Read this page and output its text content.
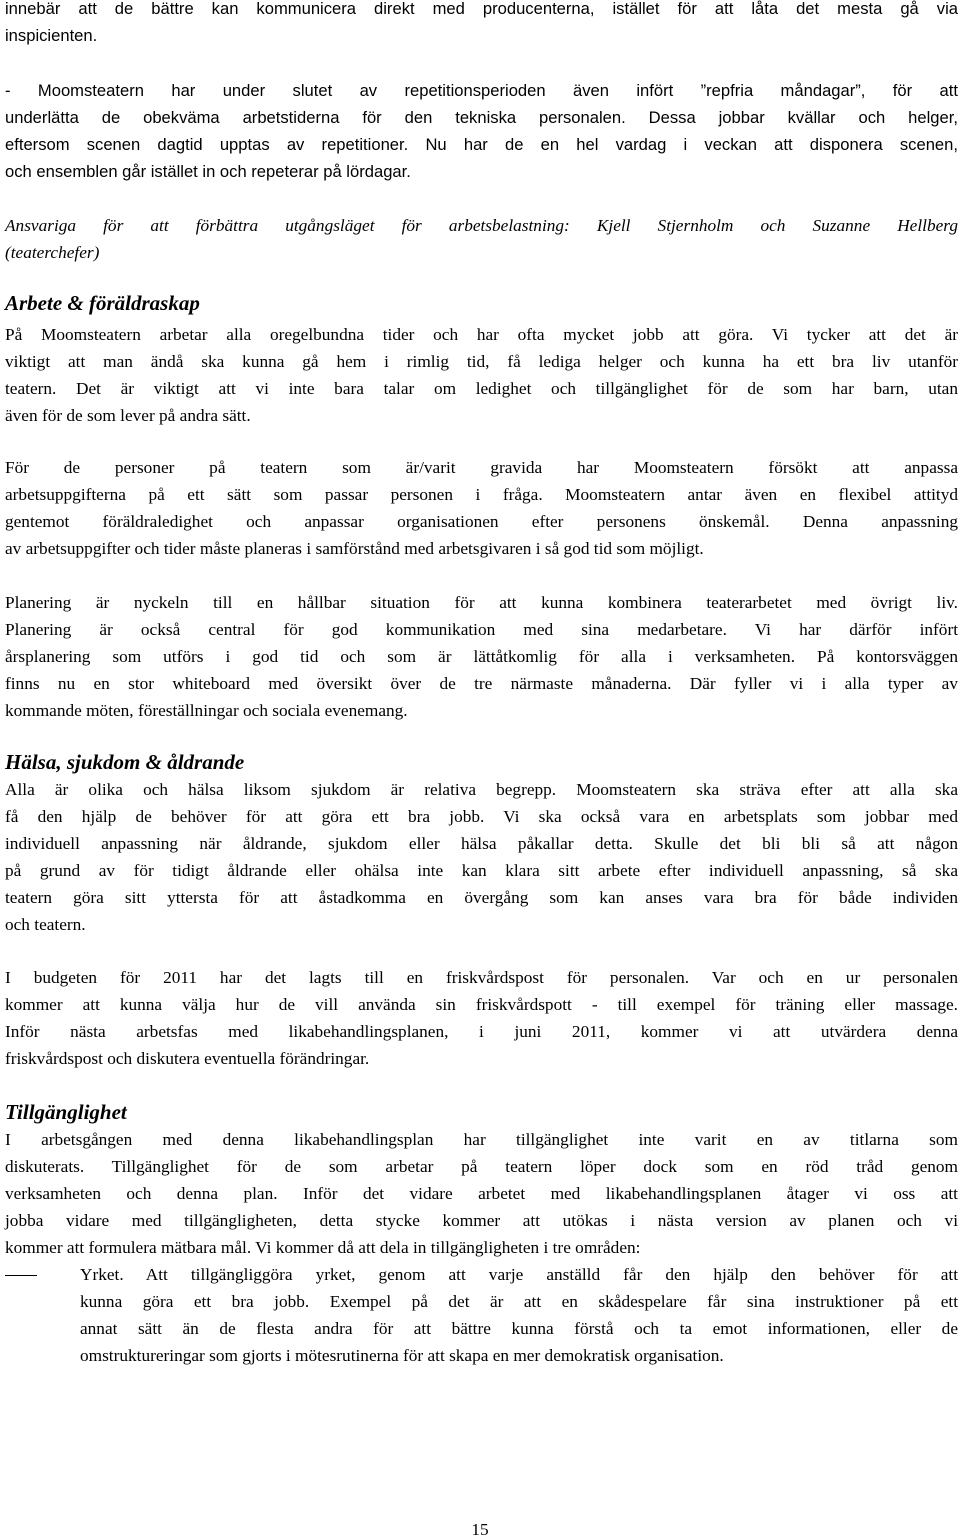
innebär att de bättre kan kommunicera direkt med producenterna, istället för att låta det mesta gå via
inspicienten.
- Moomsteatern har under slutet av repetitionsperioden även infört ”repfria måndagar”, för att
underlätta de obekväma arbetstiderna för den tekniska personalen. Dessa jobbar kvällar och helger,
eftersom scenen dagtid upptas av repetitioner. Nu har de en hel vardag i veckan att disponera scenen,
och ensemblen går istället in och repeterar på lördagar.
Ansvariga för att förbättra utgångsläget för arbetsbelastning: Kjell Stjernholm och Suzanne Hellberg
(teaterchefer)
Arbete & föräldraskap
På Moomsteatern arbetar alla oregelbundna tider och har ofta mycket jobb att göra. Vi tycker att det är
viktigt att man ändå ska kunna gå hem i rimlig tid, få lediga helger och kunna ha ett bra liv utanför
teatern. Det är viktigt att vi inte bara talar om ledighet och tillgänglighet för de som har barn, utan
även för de som lever på andra sätt.
För de personer på teatern som är/varit gravida har Moomsteatern försökt att anpassa
arbetsuppgifterna på ett sätt som passar personen i fråga. Moomsteatern antar även en flexibel attityd
gentemot föräldraledighet och anpassar organisationen efter personens önskemål. Denna anpassning
av arbetsuppgifter och tider måste planeras i samförstånd med arbetsgivaren i så god tid som möjligt.
Planering är nyckeln till en hållbar situation för att kunna kombinera teaterarbetet med övrigt liv.
Planering är också central för god kommunikation med sina medarbetare. Vi har därför infört
årsplanering som utförs i god tid och som är lättåtkomlig för alla i verksamheten. På kontorsväggen
finns nu en stor whiteboard med översikt över de tre närmaste månaderna. Där fyller vi i alla typer av
kommande möten, föreställningar och sociala evenemang.
Hälsa, sjukdom & åldrande
Alla är olika och hälsa liksom sjukdom är relativa begrepp. Moomsteatern ska sträva efter att alla ska
få den hjälp de behöver för att göra ett bra jobb. Vi ska också vara en arbetsplats som jobbar med
individuell anpassning när åldrande, sjukdom eller hälsa påkallar detta. Skulle det bli bli så att någon
på grund av för tidigt åldrande eller ohälsa inte kan klara sitt arbete efter individuell anpassning, så ska
teatern göra sitt yttersta för att åstadkomma en övergång som kan anses vara bra för både individen
och teatern.
I budgeten för 2011 har det lagts till en friskvårdspost för personalen. Var och en ur personalen
kommer att kunna välja hur de vill använda sin friskvårdspott - till exempel för träning eller massage.
Inför nästa arbetsfas med likabehandlingsplanen, i juni 2011, kommer vi att utvärdera denna
friskvårdspost och diskutera eventuella förändringar.
Tillgänglighet
I arbetsgången med denna likabehandlingsplan har tillgänglighet inte varit en av titlarna som
diskuterats. Tillgänglighet för de som arbetar på teatern löper dock som en röd tråd genom
verksamheten och denna plan. Inför det vidare arbetet med likabehandlingsplanen åtager vi oss att
jobba vidare med tillgängligheten, detta stycke kommer att utökas i nästa version av planen och vi
kommer att formulera mätbara mål. Vi kommer då att dela in tillgängligheten i tre områden:
Yrket. Att tillgängliggöra yrket, genom att varje anställd får den hjälp den behöver för att
kunna göra ett bra jobb. Exempel på det är att en skådespelare får sina instruktioner på ett
annat sätt än de flesta andra för att bättre kunna förstå och ta emot informationen, eller de
omstruktureringar som gjorts i mötesrutinerna för att skapa en mer demokratisk organisation.

15
